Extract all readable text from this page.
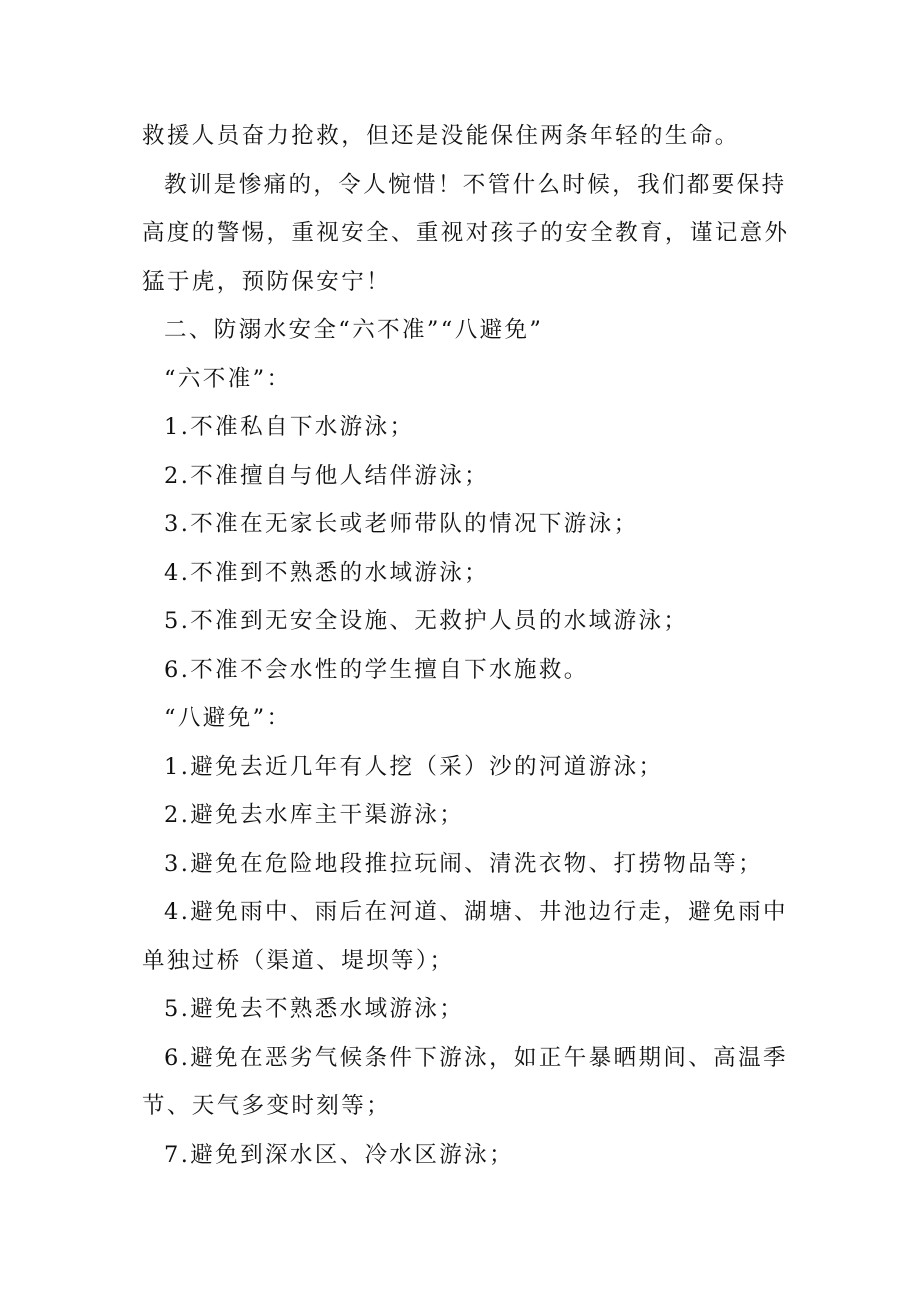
救援人员奋力抢救，但还是没能保住两条年轻的生命。

教训是惨痛的，令人惋惜！不管什么时候，我们都要保持高度的警惕，重视安全、重视对孩子的安全教育，谨记意外猛于虎，预防保安宁！

二、防溺水安全“六不准”“八避免”

“六不准”：

1.不准私自下水游泳；

2.不准擅自与他人结伴游泳；

3.不准在无家长或老师带队的情况下游泳；

4.不准到不熟悉的水域游泳；

5.不准到无安全设施、无救护人员的水域游泳；

6.不准不会水性的学生擅自下水施救。

“八避免”：

1.避免去近几年有人挖（采）沙的河道游泳；

2.避免去水库主干渠游泳；

3.避免在危险地段推拉玩闹、清洗衣物、打捞物品等；

4.避免雨中、雨后在河道、湖塘、井池边行走，避免雨中单独过桥（渠道、堤坝等）；

5.避免去不熟悉水域游泳；

6.避免在恶劣气候条件下游泳，如正午暴晒期间、高温季节、天气多变时刻等；

7.避免到深水区、冷水区游泳；
